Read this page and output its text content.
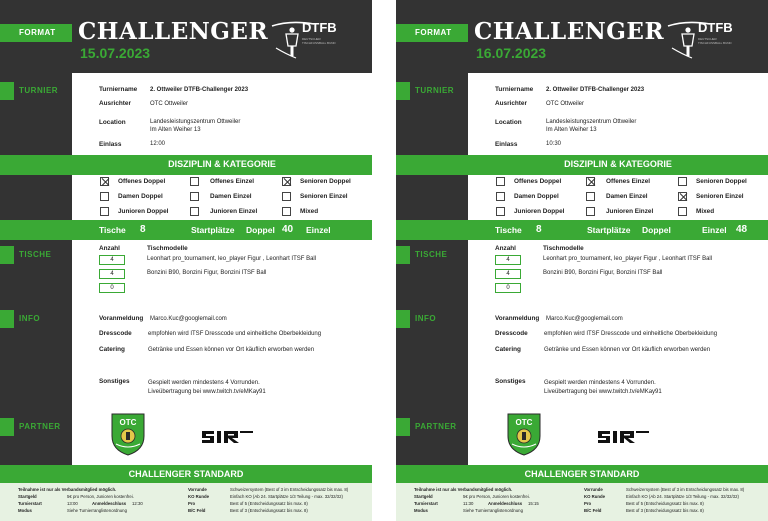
FORMAT
TURNIER
TISCHE
INFO
PARTNER
CHALLENGER
15.07.2023
DTFB
DEUTSCHER TISCHFUSSBALL BUND
Turniername 2. Ottweiler DTFB-Challenger 2023
Ausrichter	OTC Ottweiler
Location	Landesleistungszentrum Ottweiler
Im Alten Weiher 13
Einlass	12:00
DISZIPLIN & KATEGORIE
Offenes Doppel	Offenes Einzel	Senioren Doppel
Damen Doppel	Damen Einzel	Senioren Einzel
Junioren Doppel	Junioren Einzel	Mixed
Tische 8	Startplätze Doppel 40 Einzel
Anzahl	Tischmodelle
4	Leonhart pro_tournament, leo_player Figur , Leonhart ITSF Ball
4	Bonzini B90, Bonzini Figur, Bonzini ITSF Ball
0
Voranmeldung Marco.Kuc@googlemail.com
Dresscode	empfohlen wird ITSF Dresscode und einheitliche Oberbekleidung
Catering	Getränke und Essen können vor Ort käuflich erworben werden
Sonstiges	Gespielt werden mindestens 4 Vorrunden.
Liveübertragung bei www.twitch.tv/eMKay91
OTC
CHALLENGER STANDARD
Teilnahme ist nur als Verbandsmitglied möglich.
Startgeld	5€ pro Person, Junioren kostenfrei.
Turnierstart	13:00	Anmeldeschluss 12:30
Modus	Siehe Turnierranglistenordnung
Vorrunde	Schweizersystem (Best of 3 im Entscheidungssatz bis max. 8)
KO Runde	Einfach KO (Ab 24. Startplätze 1/3 Teilung - max. 32/32/32)
Pro	Best of 5 (Entscheidungssatz bis max. 8)
B/C Feld	Best of 3 (Entscheidungssatz bis max. 8)
FORMAT
TURNIER
TISCHE
INFO
PARTNER
CHALLENGER
16.07.2023
DTFB
DEUTSCHER TISCHFUSSBALL BUND
Turniername 2. Ottweiler DTFB-Challenger 2023
Ausrichter	OTC Ottweiler
Location	Landesleistungszentrum Ottweiler
Im Alten Weiher 13
Einlass	10:30
DISZIPLIN & KATEGORIE
Offenes Doppel	Offenes Einzel	Senioren Doppel
Damen Doppel	Damen Einzel	Senioren Einzel
Junioren Doppel	Junioren Einzel	Mixed
Tische 8	Startplätze Doppel	Einzel 48
Anzahl	Tischmodelle
4	Leonhart pro_tournament, leo_player Figur , Leonhart ITSF Ball
4	Bonzini B90, Bonzini Figur, Bonzini ITSF Ball
0
Voranmeldung Marco.Kuc@googlemail.com
Dresscode	empfohlen wird ITSF Dresscode und einheitliche Oberbekleidung
Catering	Getränke und Essen können vor Ort käuflich erworben werden
Sonstiges	Gespielt werden mindestens 4 Vorrunden.
Liveübertragung bei www.twitch.tv/eMKay91
OTC
CHALLENGER STANDARD
Teilnahme ist nur als Verbandsmitglied möglich.
Startgeld	5€ pro Person, Junioren kostenfrei.
Turnierstart	11:30	Anmeldeschluss 15:15
Modus	Siehe Turnierranglistenordnung
Vorrunde	Schweizersystem (Best of 3 im Entscheidungssatz bis max. 8)
KO Runde	Einfach KO (Ab 24. Startplätze 1/3 Teilung - max. 32/32/32)
Pro	Best of 5 (Entscheidungssatz bis max. 8)
B/C Feld	Best of 3 (Entscheidungssatz bis max. 8)
